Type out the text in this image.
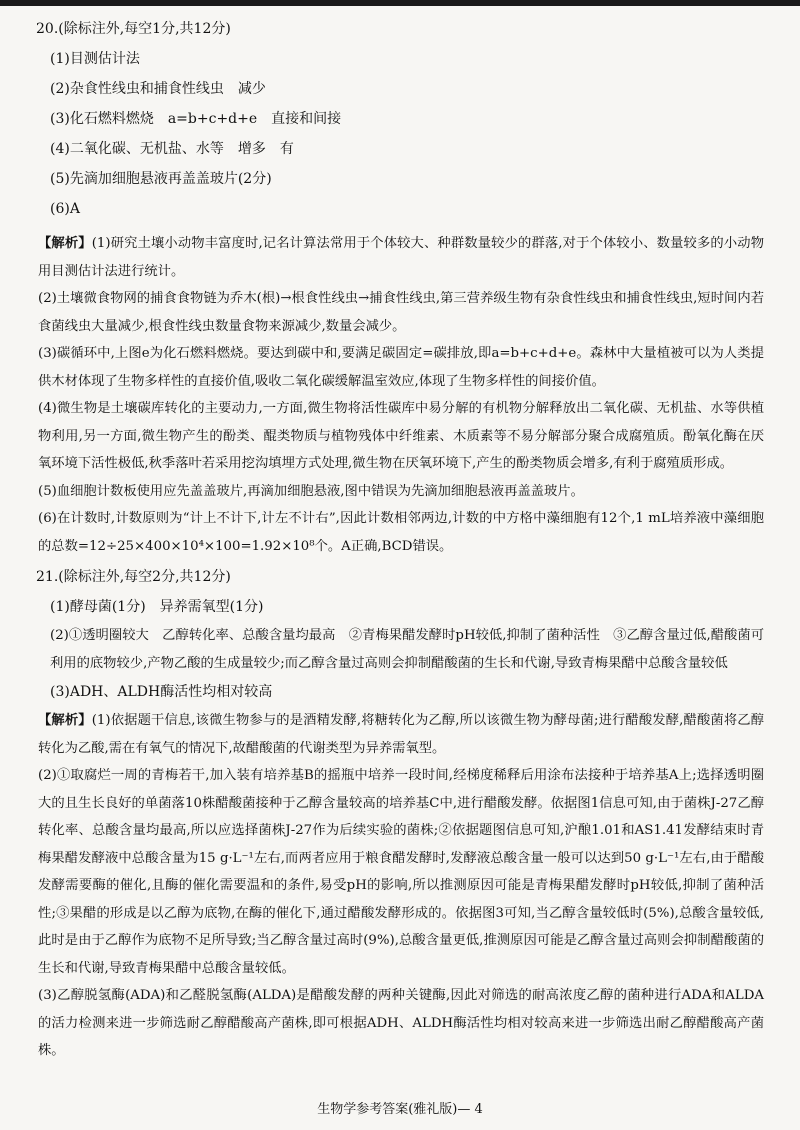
20.(除标注外,每空1分,共12分)
(1)目测估计法
(2)杂食性线虫和捕食性线虫　减少
(3)化石燃料燃烧　a=b+c+d+e　直接和间接
(4)二氧化碳、无机盐、水等　增多　有
(5)先滴加细胞悬液再盖盖玻片(2分)
(6)A
【解析】(1)研究土壤小动物丰富度时,记名计算法常用于个体较大、种群数量较少的群落,对于个体较小、数量较多的小动物用目测估计法进行统计。
(2)土壤微食物网的捕食食物链为乔木(根)→根食性线虫→捕食性线虫,第三营养级生物有杂食性线虫和捕食性线虫,短时间内若食菌线虫大量减少,根食性线虫数量食物来源减少,数量会减少。
(3)碳循环中,上图e为化石燃料燃烧。要达到碳中和,要满足碳固定=碳排放,即a=b+c+d+e。森林中大量植被可以为人类提供木材体现了生物多样性的直接价值,吸收二氧化碳缓解温室效应,体现了生物多样性的间接价值。
(4)微生物是土壤碳库转化的主要动力,一方面,微生物将活性碳库中易分解的有机物分解释放出二氧化碳、无机盐、水等供植物利用,另一方面,微生物产生的酚类、醌类物质与植物残体中纤维素、木质素等不易分解部分聚合成腐殖质。酚氧化酶在厌氧环境下活性极低,秋季落叶若采用挖沟填埋方式处理,微生物在厌氧环境下,产生的酚类物质会增多,有利于腐殖质形成。
(5)血细胞计数板使用应先盖盖玻片,再滴加细胞悬液,图中错误为先滴加细胞悬液再盖盖玻片。
(6)在计数时,计数原则为“计上不计下,计左不计右”,因此计数相邻两边,计数的中方格中藻细胞有12个,1 mL培养液中藻细胞的总数=12÷25×400×10⁴×100=1.92×10⁸个。A正确,BCD错误。
21.(除标注外,每空2分,共12分)
(1)酵母菌(1分)　异养需氧型(1分)
(2)①透明圈较大　乙醇转化率、总酸含量均最高　②青梅果醋发酵时pH较低,抑制了菌种活性　③乙醇含量过低,醋酸菌可利用的底物较少,产物乙酸的生成量较少;而乙醇含量过高则会抑制醋酸菌的生长和代谢,导致青梅果醋中总酸含量较低
(3)ADH、ALDH酶活性均相对较高
【解析】(1)依据题干信息,该微生物参与的是酒精发酵,将糖转化为乙醇,所以该微生物为酵母菌;进行醋酸发酵,醋酸菌将乙醇转化为乙酸,需在有氧气的情况下,故醋酸菌的代谢类型为异养需氧型。
(2)①取腐烂一周的青梅若干,加入装有培养基B的摇瓶中培养一段时间,经梯度稀释后用涂布法接种于培养基A上;选择透明圈大的且生长良好的单菌落10株醋酸菌接种于乙醇含量较高的培养基C中,进行醋酸发酵。依据图1信息可知,由于菌株J-27乙醇转化率、总酸含量均最高,所以应选择菌株J-27作为后续实验的菌株;②依据题图信息可知,沪酿1.01和AS1.41发酵结束时青梅果醋发酵液中总酸含量为15 g·L⁻¹左右,而两者应用于粮食醋发酵时,发酵液总酸含量一般可以达到50 g·L⁻¹左右,由于醋酸发酵需要酶的催化,且酶的催化需要温和的条件,易受pH的影响,所以推测原因可能是青梅果醋发酵时pH较低,抑制了菌种活性;③果醋的形成是以乙醇为底物,在酶的催化下,通过醋酸发酵形成的。依据图3可知,当乙醇含量较低时(5%),总酸含量较低,此时是由于乙醇作为底物不足所导致;当乙醇含量过高时(9%),总酸含量更低,推测原因可能是乙醇含量过高则会抑制醋酸菌的生长和代谢,导致青梅果醋中总酸含量较低。
(3)乙醇脱氢酶(ADA)和乙醛脱氢酶(ALDA)是醋酸发酵的两种关键酶,因此对筛选的耐高浓度乙醇的菌种进行ADA和ALDA的活力检测来进一步筛选耐乙醇醋酸高产菌株,即可根据ADH、ALDH酶活性均相对较高来进一步筛选出耐乙醇醋酸高产菌株。
生物学参考答案(雅礼版)— 4
